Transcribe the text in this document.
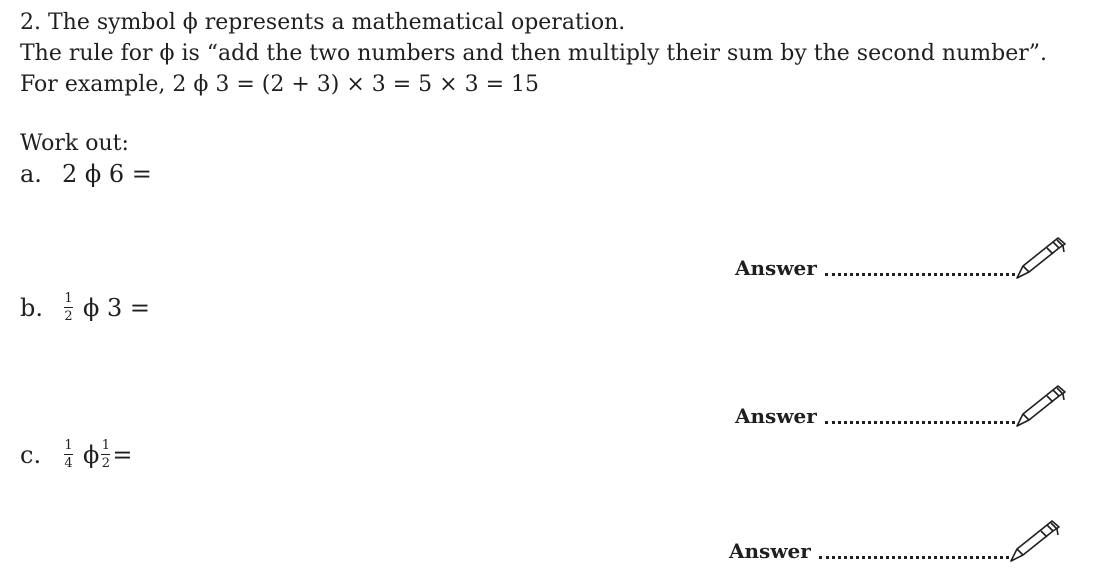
2. The symbol ϕ represents a mathematical operation.
The rule for ϕ is “add the two numbers and then multiply their sum by the second number”.
For example, 2 ϕ 3 = (2 + 3) × 3 = 5 × 3 = 15
Work out:
a. 2 ϕ 6 =
Answer
b.	$\frac{1}{2}$ ϕ 3 =
Answer
c.	$\frac{1}{4}$ ϕ $\frac{1}{2}$ =
Answer
